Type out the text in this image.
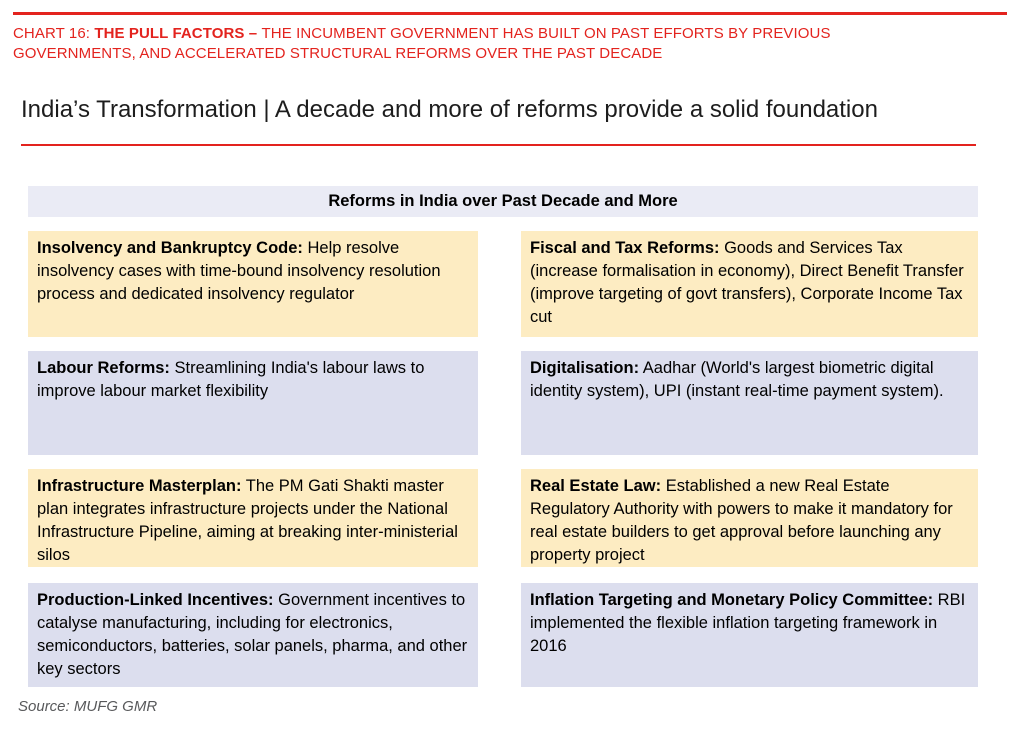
CHART 16: THE PULL FACTORS – THE INCUMBENT GOVERNMENT HAS BUILT ON PAST EFFORTS BY PREVIOUS GOVERNMENTS, AND ACCELERATED STRUCTURAL REFORMS OVER THE PAST DECADE

India’s Transformation | A decade and more of reforms provide a solid foundation
Reforms in India over Past Decade and More
Insolvency and Bankruptcy Code: Help resolve insolvency cases with time-bound insolvency resolution process and dedicated insolvency regulator
Fiscal and Tax Reforms: Goods and Services Tax (increase formalisation in economy), Direct Benefit Transfer (improve targeting of govt transfers), Corporate Income Tax cut
Labour Reforms: Streamlining India's labour laws to improve labour market flexibility
Digitalisation: Aadhar (World's largest biometric digital identity system), UPI (instant real-time payment system).
Infrastructure Masterplan: The PM Gati Shakti master plan integrates infrastructure projects under the National Infrastructure Pipeline, aiming at breaking inter-ministerial silos
Real Estate Law: Established a new Real Estate Regulatory Authority with powers to make it mandatory for real estate builders to get approval before launching any property project
Production-Linked Incentives: Government incentives to catalyse manufacturing, including for electronics, semiconductors, batteries, solar panels, pharma, and other key sectors
Inflation Targeting and Monetary Policy Committee: RBI implemented the flexible inflation targeting framework in 2016

Source: MUFG GMR
